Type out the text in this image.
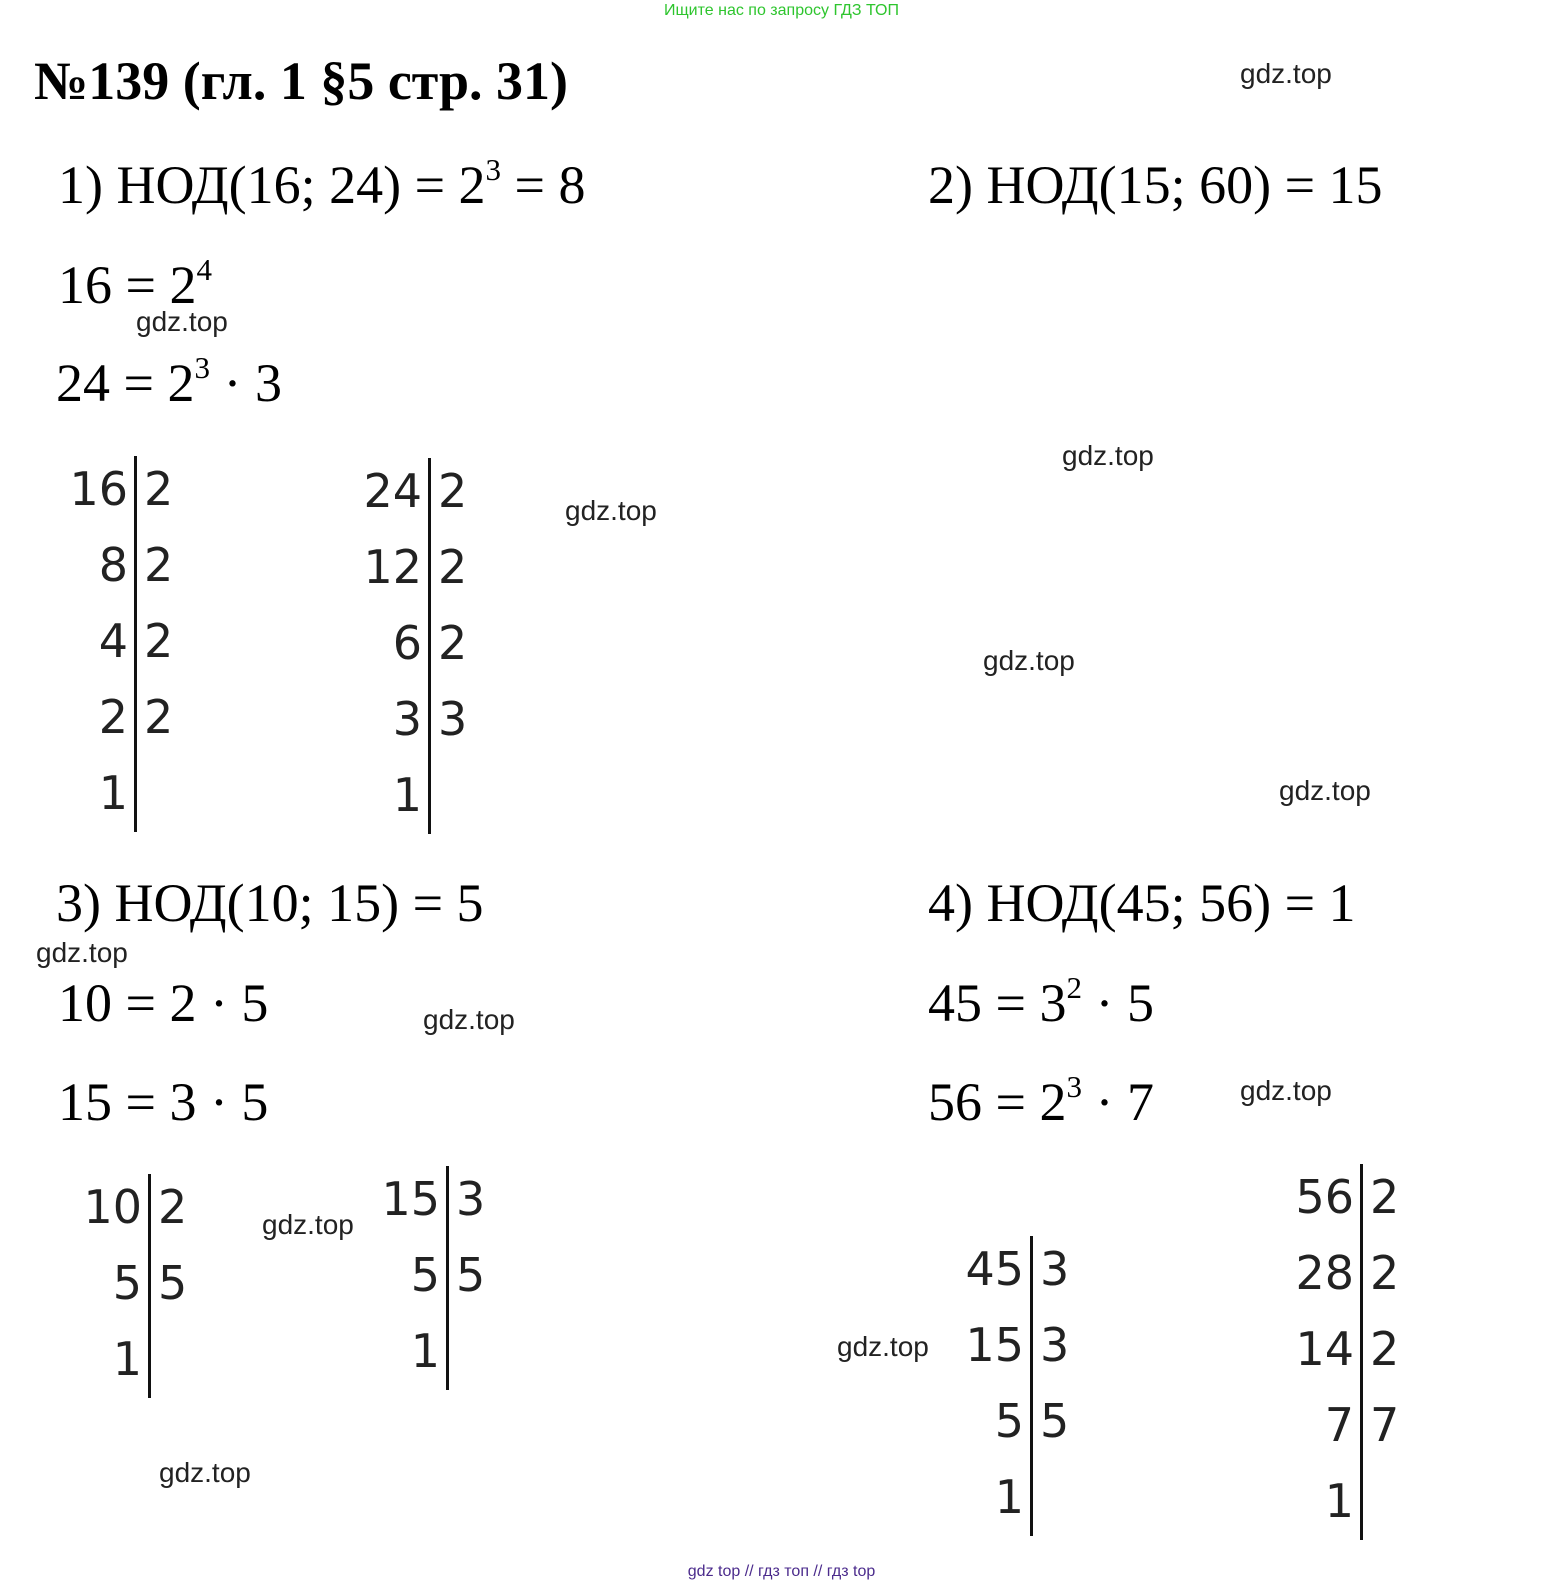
Ищите нас по запросу ГДЗ ТОП
№139 (гл. 1 §5 стр. 31)
1) НОД(16; $24) = 2^3 = 8$
$16 = 2^4$
$24 = 2^3 \cdot 3$
2) НОД(15; 60) = 15
3) НОД(10; 15) = 5
10 = 2 · 5
15 = 3 · 5
4) НОД(45; 56) = 1
$45 = 3^2 \cdot 5$
$56 = 2^3 \cdot 7$
16 2
8 2
4 2
2 2
1
24 2
12 2
6 2
3 3
1
10 2
5 5
1
15 3
5 5
1
45 3
15 3
5 5
1
56 2
28 2
14 2
7 7
1
gdz.top
gdz.top
gdz.top
gdz.top
gdz.top
gdz.top
gdz.top
gdz.top
gdz.top
gdz.top
gdz.top
gdz.top
gdz top // гдз топ // гдз top
